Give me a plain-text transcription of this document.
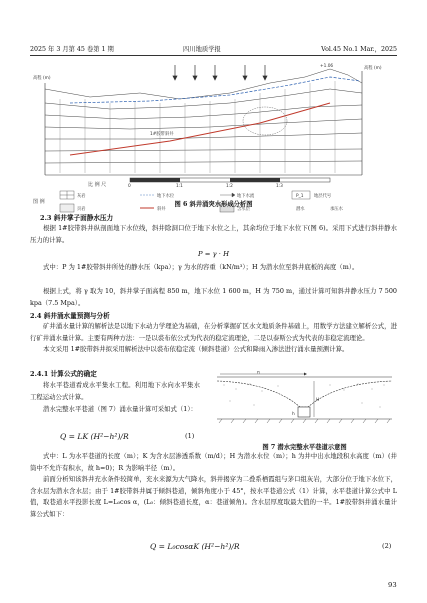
2025 年 3 月第 45 卷第 1 期	四川地质学报	Vol.45 No.1 Mar.，2025
高程 (m)
高程 (m)
+1.06
1#胶带斜井
比 例 尺	0	1:1	1:2	1:3
图 例
灰岩
页岩
地下水位
斜井
地下水流
含水层
P_1 地层代号
潜水	承压水
图 6 斜井涌突水形成分析图
2.3 斜井掌子面静水压力
根据 1#胶带斜井纵剖面地下水位线，斜井除洞口位于地下水位之上，其余均位于地下水位下(图 6)。采用下式进行斜井静水压力的计算。
P = γ · H
式中：P 为 1#胶带斜井所处的静水压（kpa）；γ 为水的容重（kN/m³）；H 为潜水位至斜井底板的高度（m）。
根据上式，将 γ 取为 10，斜井掌子面高程 850 m，地下水位 1 600 m，H 为 750 m，通过计算可知斜井静水压力 7 500 kpa（7.5 Mpa）。
2.4 斜井涌水量预测与分析
矿井涌水量计算的解析法是以地下水动力学理论为基础，在分析掌握矿区水文地质条件基础上，用数学方法建立解析公式，进行矿井涌水量计算。主要有两种方法：一是以裘布依公式为代表的稳定流理论，二是以泰斯公式为代表的非稳定流理论。
本文采用 1#胶带斜井拟采用解析法中以裘布依稳定流（倾斜巷道）公式和降雨入渗法进行涌水量预测计算。
2.4.1 计算公式的确定
将水平巷道看成水平集水工程。利用地下水向水平集水工程运动公式计算。
潜水完整水平巷道（图 7）涌水量计算可采如式（1）：
Q = LK (H²−h²)/R	(1)
R
H
h
图 7 潜水完整水平巷道示意图
式中：L 为水平巷道的长度（m）；K 为含水层渗透系数（m/d）；H 为潜水水位（m）；h 为井中出水地段积水高度（m）(井筒中不允许有积水，故 h=0)；R 为影响半径（m）。
前面分析知该斜井充水条件较简单，充水来源为大气降水，斜井揭穿为二叠系栖霞组与茅口组灰岩，大部分位于地下水位下，含水层为潜水含水层；由于 1#胶带斜井属于倾斜巷道，倾斜角度小于 45°，按水平巷道公式（1）计算，水平巷道计算公式中 L 值，取巷道水平投影长度 L=L₀cos α，(L₀：倾斜巷道长度，α：巷道倾角)。含水层厚度取最大值的一半。1#胶带斜井涌水量计算公式如下：
Q = L₀cosαK (H²−h²)/R	(2)
93
